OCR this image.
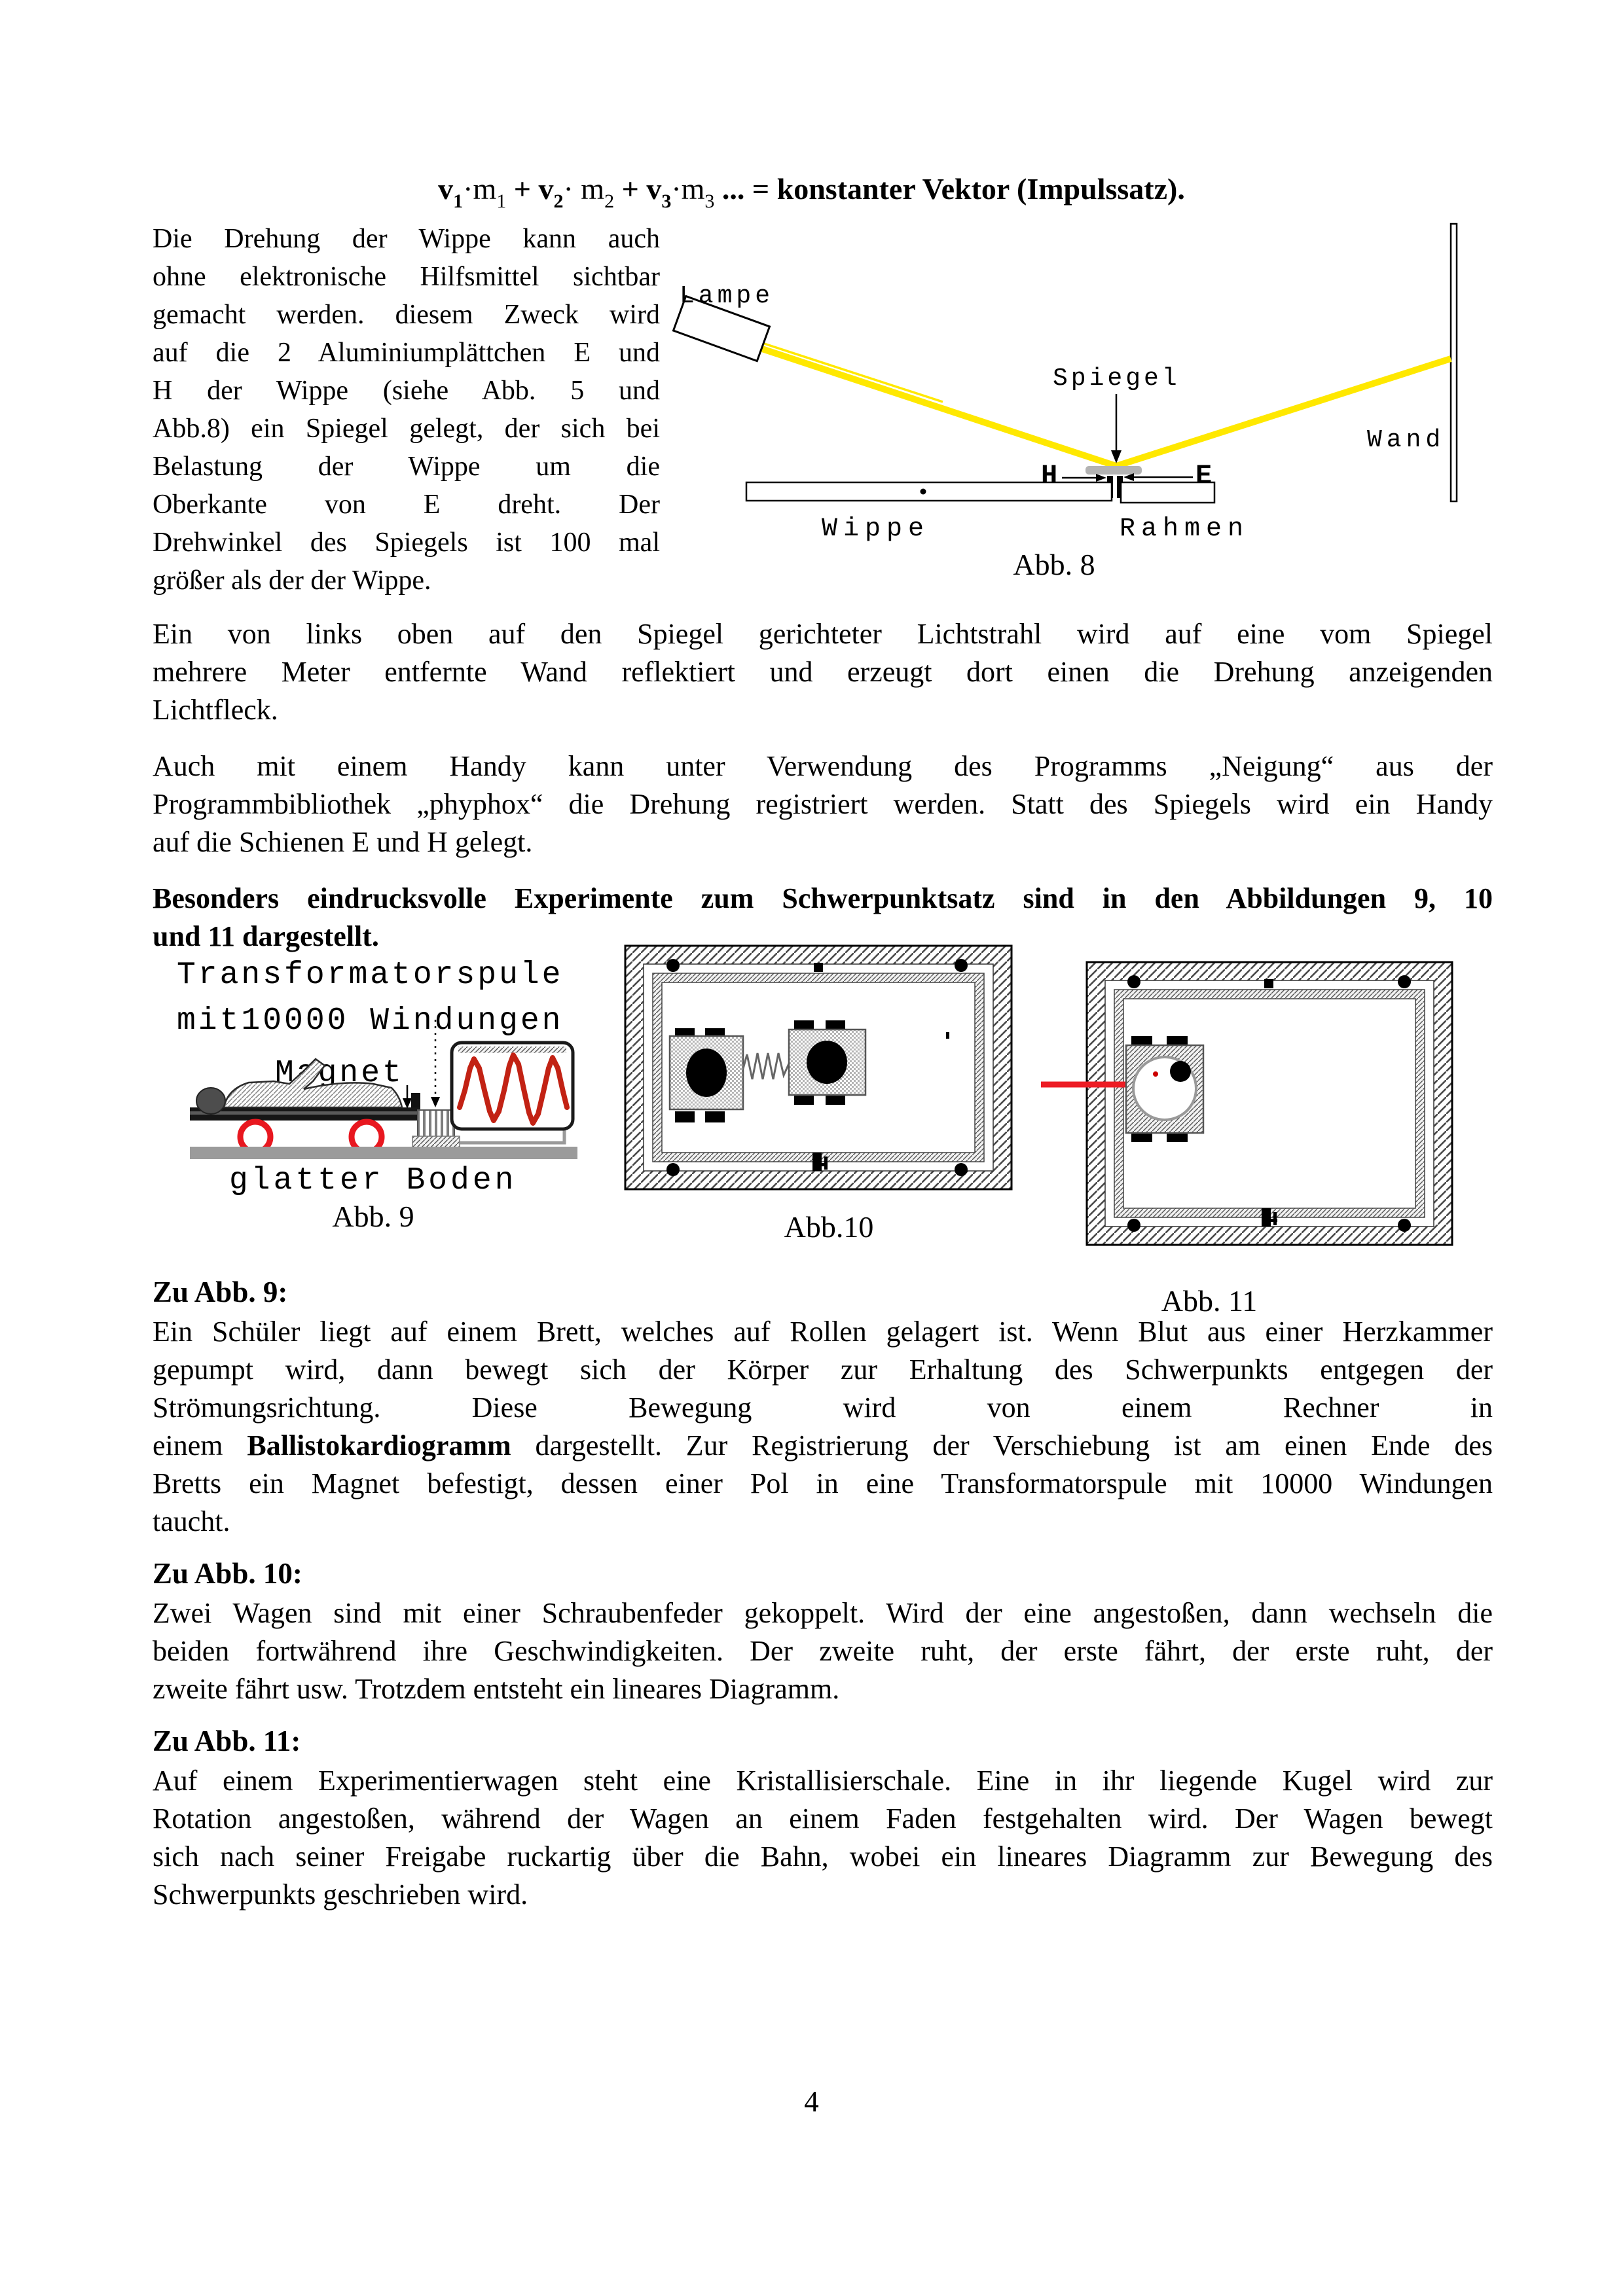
$v_1\cdot m_1 + v_2\cdot m_2 + v_3\cdot m_3$ ... = konstanter Vektor (Impulssatz).
Die Drehung der Wippe kann auch
ohne elektronische Hilfsmittel sichtbar
gemacht werden. diesem Zweck wird
auf die 2 Aluminiumplättchen E und
H der Wippe (siehe Abb. 5 und
Abb.8) ein Spiegel gelegt, der sich bei
Belastung der Wippe um die
Oberkante von E dreht. Der
Drehwinkel des Spiegels ist 100 mal
größer als der der Wippe.
Lampe
Spiegel
H	E
Wand
Wippe	Rahmen
Abb. 8
Ein von links oben auf den Spiegel gerichteter Lichtstrahl wird auf eine vom Spiegel
mehrere Meter entfernte Wand reflektiert und erzeugt dort einen die Drehung anzeigenden
Lichtfleck.
Auch mit einem Handy kann unter Verwendung des Programms „Neigung“ aus der
Programmbibliothek „phyphox“ die Drehung registriert werden. Statt des Spiegels wird ein Handy
auf die Schienen E und H gelegt.
Besonders eindrucksvolle Experimente zum Schwerpunktsatz sind in den Abbildungen 9, 10
und 11 dargestellt.
Transformatorspule
mit10000 Windungen
Magnet
glatter Boden
Abb. 9	Abb.10
Abb. 11
Zu Abb. 9:
Ein Schüler liegt auf einem Brett, welches auf Rollen gelagert ist. Wenn Blut aus einer Herzkammer
gepumpt wird, dann bewegt sich der Körper zur Erhaltung des Schwerpunkts entgegen der
Strömungsrichtung. Diese Bewegung wird von einem Rechner in
einem Ballistokardiogramm dargestellt. Zur Registrierung der Verschiebung ist am einen Ende des
Bretts ein Magnet befestigt, dessen einer Pol in eine Transformatorspule mit 10000 Windungen
taucht.
Zu Abb. 10:
Zwei Wagen sind mit einer Schraubenfeder gekoppelt. Wird der eine angestoßen, dann wechseln die
beiden fortwährend ihre Geschwindigkeiten. Der zweite ruht, der erste fährt, der erste ruht, der
zweite fährt usw. Trotzdem entsteht ein lineares Diagramm.
Zu Abb. 11:
Auf einem Experimentierwagen steht eine Kristallisierschale. Eine in ihr liegende Kugel wird zur
Rotation angestoßen, während der Wagen an einem Faden festgehalten wird. Der Wagen bewegt
sich nach seiner Freigabe ruckartig über die Bahn, wobei ein lineares Diagramm zur Bewegung des
Schwerpunkts geschrieben wird.
4
